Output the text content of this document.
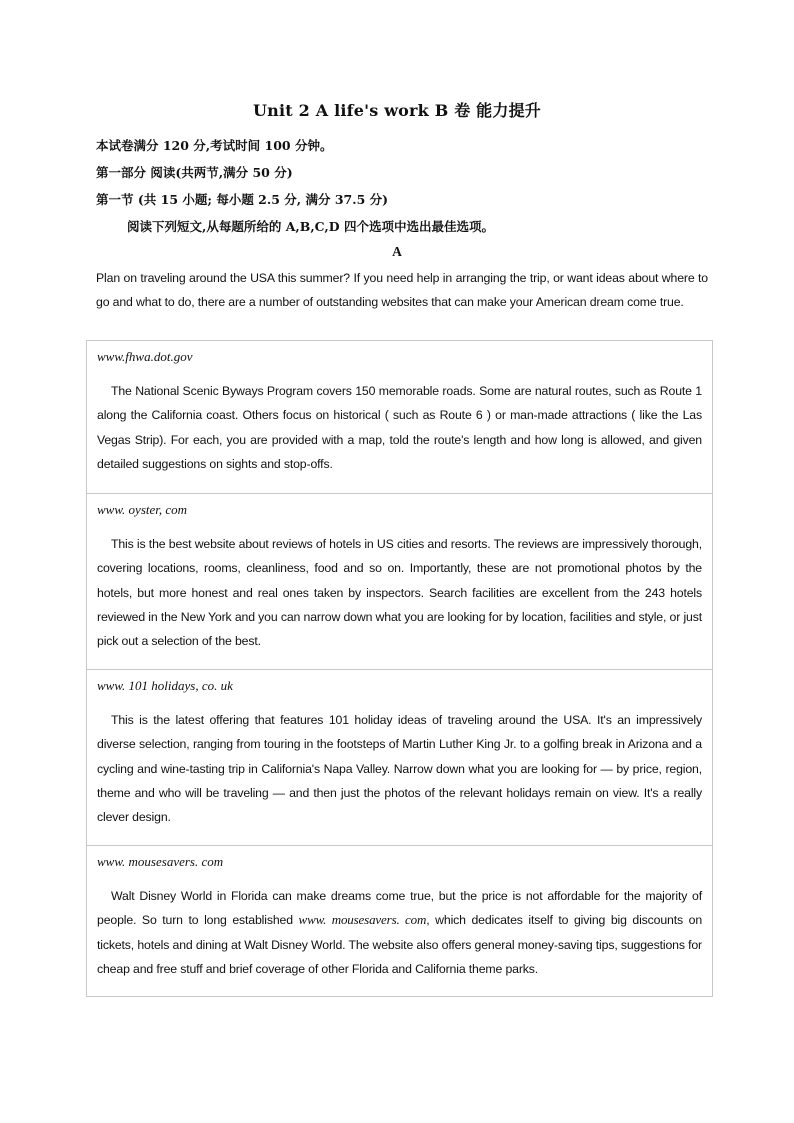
Unit 2 A life's work B 卷 能力提升
本试卷满分 120 分,考试时间 100 分钟。
第一部分 阅读(共两节,满分 50 分)
第一节 (共 15 小题; 每小题 2.5 分, 满分 37.5 分)
阅读下列短文,从每题所给的 A,B,C,D 四个选项中选出最佳选项。
A
Plan on traveling around the USA this summer? If you need help in arranging the trip, or want ideas about where to go and what to do, there are a number of outstanding websites that can make your American dream come true.
www.fhwa.dot.gov
The National Scenic Byways Program covers 150 memorable roads. Some are natural routes, such as Route 1 along the California coast. Others focus on historical ( such as Route 6 ) or man-made attractions ( like the Las Vegas Strip). For each, you are provided with a map, told the route's length and how long is allowed, and given detailed suggestions on sights and stop-offs.
www. oyster, com
This is the best website about reviews of hotels in US cities and resorts. The reviews are impressively thorough, covering locations, rooms, cleanliness, food and so on. Importantly, these are not promotional photos by the hotels, but more honest and real ones taken by inspectors. Search facilities are excellent from the 243 hotels reviewed in the New York and you can narrow down what you are looking for by location, facilities and style, or just pick out a selection of the best.
www. 101 holidays, co. uk
This is the latest offering that features 101 holiday ideas of traveling around the USA. It's an impressively diverse selection, ranging from touring in the footsteps of Martin Luther King Jr. to a golfing break in Arizona and a cycling and wine-tasting trip in California's Napa Valley. Narrow down what you are looking for — by price, region, theme and who will be traveling — and then just the photos of the relevant holidays remain on view. It's a really clever design.
www. mousesavers. com
Walt Disney World in Florida can make dreams come true, but the price is not affordable for the majority of people. So turn to long established www. mousesavers. com, which dedicates itself to giving big discounts on tickets, hotels and dining at Walt Disney World. The website also offers general money-saving tips, suggestions for cheap and free stuff and brief coverage of other Florida and California theme parks.
